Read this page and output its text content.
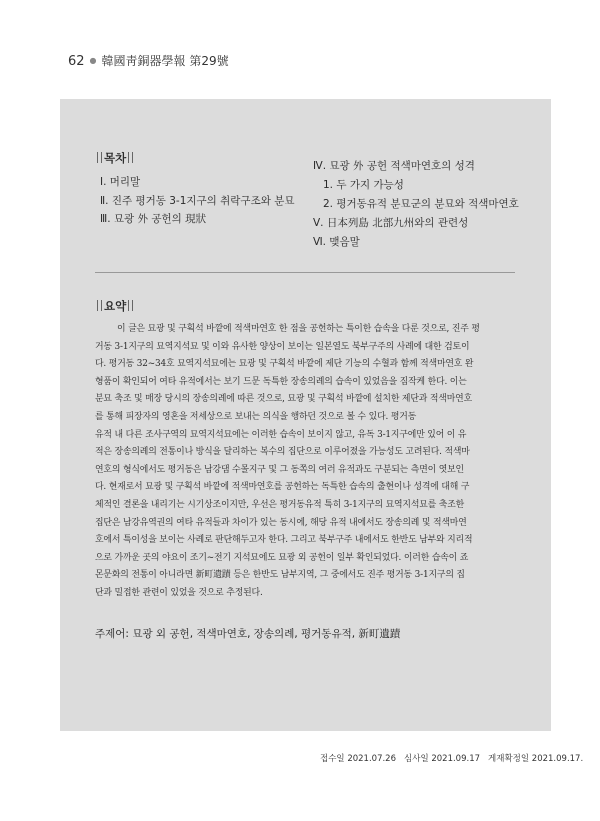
62 ● 韓國靑銅器學報 第29號
목차
Ⅰ. 머리말
Ⅱ. 진주 평거동 3-1지구의 취락구조와 분묘
Ⅲ. 묘광 外 공헌의 現狀
Ⅳ. 묘광 外 공헌 적색마연호의 성격
1. 두 가지 가능성
2. 평거동유적 분묘군의 분묘와 적색마연호
Ⅴ. 日本列島 北部九州와의 관련성
Ⅵ. 맺음말
요약
이 글은 묘광 및 구획석 바깥에 적색마연호 한 점을 공헌하는 특이한 습속을 다룬 것으로, 진주 평
거동 3-1지구의 묘역지석묘 및 이와 유사한 양상이 보이는 일본열도 북부구주의 사례에 대한 검토이
다. 평거동 32~34호 묘역지석묘에는 묘광 및 구획석 바깥에 제단 기능의 수혈과 함께 적색마연호 완
형품이 확인되어 여타 유적에서는 보기 드문 독특한 장송의례의 습속이 있었음을 짐작케 한다. 이는
분묘 축조 및 매장 당시의 장송의례에 따른 것으로, 묘광 및 구획석 바깥에 설치한 제단과 적색마연호
를 통해 피장자의 영혼을 저세상으로 보내는 의식을 행하던 것으로 볼 수 있다. 평거동
유적 내 다른 조사구역의 묘역지석묘에는 이러한 습속이 보이지 않고, 유독 3-1지구에만 있어 이 유
적은 장송의례의 전통이나 방식을 달리하는 복수의 집단으로 이루어졌을 가능성도 고려된다. 적색마
연호의 형식에서도 평거동은 남강댐 수몰지구 및 그 동쪽의 여러 유적과도 구분되는 측면이 엿보인
다. 현재로서 묘광 및 구획석 바깥에 적색마연호를 공헌하는 독특한 습속의 출현이나 성격에 대해 구
체적인 결론을 내리기는 시기상조이지만, 우선은 평거동유적 특히 3-1지구의 묘역지석묘를 축조한
집단은 남강유역권의 여타 유적들과 차이가 있는 동시에, 해당 유적 내에서도 장송의례 및 적색마연
호에서 특이성을 보이는 사례로 판단해두고자 한다. 그리고 북부구주 내에서도 한반도 남부와 지리적
으로 가까운 곳의 야요이 조기~전기 지석묘에도 묘광 외 공헌이 일부 확인되었다. 이러한 습속이 죠
몬문화의 전통이 아니라면 新町遺蹟 등은 한반도 남부지역, 그 중에서도 진주 평거동 3-1지구의 집
단과 밀접한 관련이 있었을 것으로 추정된다.
주제어: 묘광 외 공헌, 적색마연호, 장송의례, 평거동유적, 新町遺蹟
접수일 2021.07.26 심사일 2021.09.17 게재확정일 2021.09.17.
